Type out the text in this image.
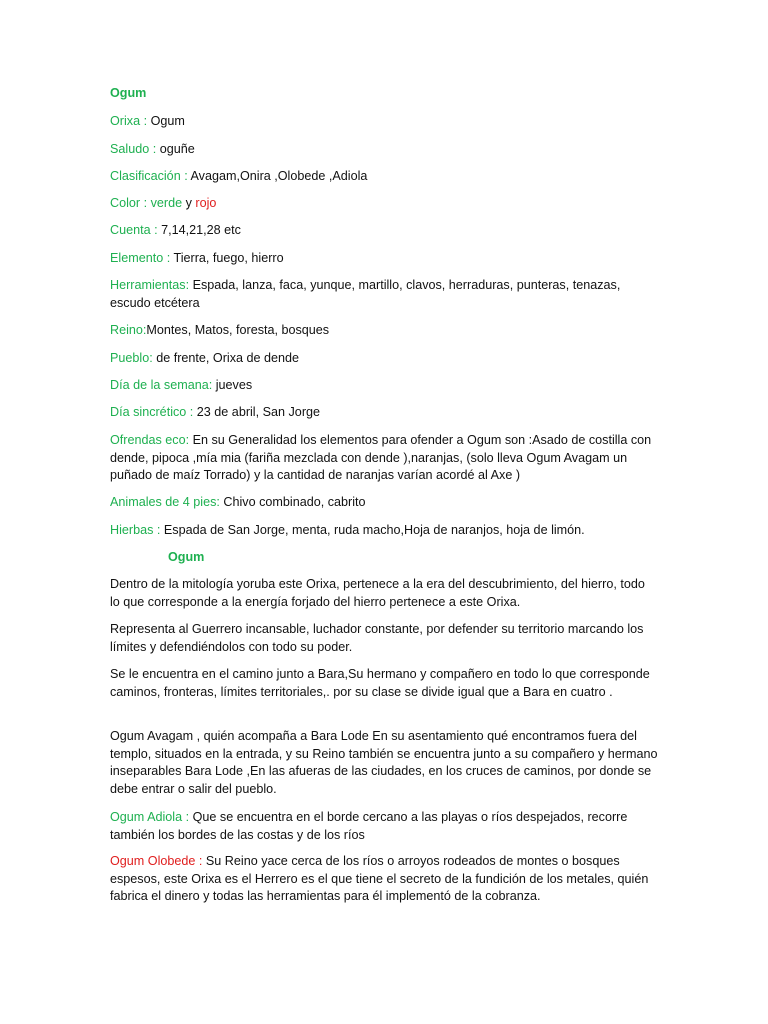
Ogum
Orixa : Ogum
Saludo : oguñe
Clasificación : Avagam,Onira ,Olobede ,Adiola
Color : verde y rojo
Cuenta : 7,14,21,28 etc
Elemento : Tierra, fuego, hierro
Herramientas: Espada, lanza, faca, yunque, martillo, clavos, herraduras, punteras, tenazas, escudo etcétera
Reino:Montes, Matos, foresta, bosques
Pueblo: de frente, Orixa de dende
Día de la semana: jueves
Día sincrético : 23 de abril, San Jorge
Ofrendas eco: En su Generalidad los elementos para ofender a Ogum son :Asado de costilla con dende, pipoca ,mía mia (fariña mezclada con dende ),naranjas, (solo lleva Ogum Avagam un puñado de maíz Torrado) y la cantidad de naranjas varían acordé al Axe )
Animales de 4 pies: Chivo combinado, cabrito
Hierbas : Espada de San Jorge, menta, ruda macho,Hoja de naranjos, hoja de limón.
Ogum
Dentro de la mitología yoruba este Orixa, pertenece a la era del descubrimiento, del hierro, todo lo que corresponde a la energía forjado del hierro pertenece a este Orixa.
Representa al Guerrero incansable, luchador constante, por defender su territorio marcando los límites y defendiéndolos con todo su poder.
Se le encuentra en el camino junto a Bara,Su hermano y compañero en todo lo que corresponde caminos, fronteras, límites territoriales,. por su clase se divide igual que a Bara en cuatro .
Ogum Avagam , quién acompaña a Bara Lode En su asentamiento qué encontramos fuera del templo, situados en la entrada, y su Reino también se encuentra junto a su compañero y hermano inseparables Bara Lode ,En las afueras de las ciudades, en los cruces de caminos, por donde se debe entrar o salir del pueblo.
Ogum Adiola : Que se encuentra en el borde cercano a las playas o ríos despejados, recorre también los bordes de las costas y de los ríos
Ogum Olobede : Su Reino yace cerca de los ríos o arroyos rodeados de montes o bosques espesos, este Orixa es el Herrero es el que tiene el secreto de la fundición de los metales, quién fabrica el dinero y todas las herramientas para él implementó de la cobranza.
